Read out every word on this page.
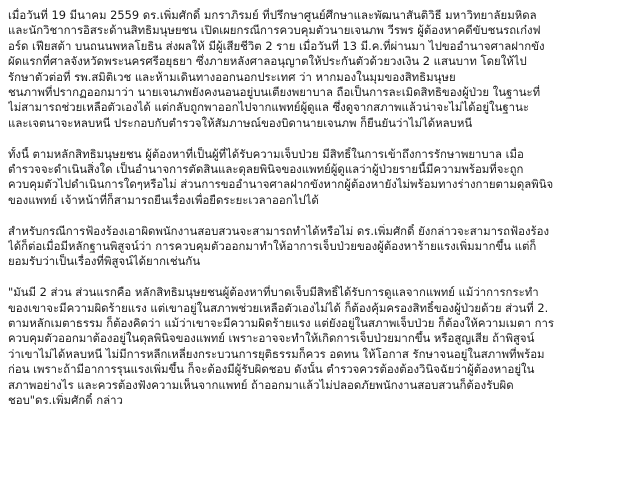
เมื่อวันที่ 19 มีนาคม 2559 ดร.เพิ่มศักดิ์ มกราภิรมย์ ที่ปรึกษาศูนย์ศึกษาและพัฒนาสันติวิธี มหาวิทยาลัยมหิดล
และนักวิชาการอิสระด้านสิทธิมนุษยชน เปิดเผยกรณีการควบคุมตัวนายเจนภพ วีรพร ผู้ต้องหาคดีขับชนรถเก๋งฟ
อร์ด เฟียสต้า บนถนนพหลโยธิน ส่งผลให้ มีผู้เสียชีวิต 2 ราย เมื่อวันที่ 13 มี.ค.ที่ผ่านมา ไปขออำนาจศาลฝากขัง
ผัดแรกที่ศาลจังหวัดพระนครศรีอยุธยา ซึ่งภายหลังศาลอนุญาตให้ประกันตัวด้วยวงเงิน 2 แสนบาท โดยให้ไป
รักษาตัวต่อที่ รพ.สมิติเวช และห้ามเดินทางออกนอกประเทศ ว่า หากมองในมุมของสิทธิมนุษย
ชนภาพที่ปรากฏออกมาว่า นายเจนภพยังคงนอนอยู่บนเตียงพยาบาล ถือเป็นการละเมิดสิทธิของผู้ป่วย ในฐานะที่
ไม่สามารถช่วยเหลือตัวเองได้ แต่กลับถูกพาออกไปจากแพทย์ผู้ดูแล ซึ่งดูจากสภาพแล้วน่าจะไม่ได้อยู่ในฐานะ
และเจตนาจะหลบหนี ประกอบกับตำรวจให้สัมภาษณ์ของบิดานายเจนภพ ก็ยืนยันว่าไม่ได้หลบหนี

ทั้งนี้ ตามหลักสิทธิมนุษยชน ผู้ต้องหาที่เป็นผู้ที่ได้รับความเจ็บป่วย มีสิทธิ์ในการเข้าถึงการรักษาพยาบาล เมื่อ
ตำรวจจะดำเนินสิ่งใด เป็นอำนาจการตัดสินและดุลยพินิจของแพทย์ผู้ดูแลว่าผู้ป่วยรายนี้มีความพร้อมที่จะถูก
ควบคุมตัวไปดำเนินการใดๆหรือไม่ ส่วนการขออำนาจศาลฝากขังหากผู้ต้องหายังไม่พร้อมทางร่างกายตามดุลพินิจ
ของแพทย์ เจ้าหน้าที่ก็สามารถยืนเรื่องเพื่อยืดระยะเวลาออกไปได้

สำหรับกรณีการฟ้องร้องเอาผิดพนักงานสอบสวนจะสามารถทำได้หรือไม่ ดร.เพิ่มศักดิ์ ยังกล่าวจะสามารถฟ้องร้อง
ได้ก็ต่อเมื่อมีหลักฐานพิสูจน์ว่า การควบคุมตัวออกมาทำให้อาการเจ็บป่วยของผู้ต้องหาร้ายแรงเพิ่มมากขึ้น แต่ก็
ยอมรับว่าเป็นเรื่องที่พิสูจน์ได้ยากเช่นกัน

"มันมี 2 ส่วน ส่วนแรกคือ หลักสิทธิมนุษยชนผู้ต้องหาที่บาดเจ็บมีสิทธิ์ได้รับการดูแลจากแพทย์ แม้ว่าการกระทำ
ของเขาจะมีความผิดร้ายแรง แต่เขาอยู่ในสภาพช่วยเหลือตัวเองไม่ได้ ก็ต้องคุ้มครองสิทธิ์ของผู้ป่วยด้วย ส่วนที่ 2.
ตามหลักเมตาธรรม ก็ต้องคิดว่า แม้ว่าเขาจะมีความผิดร้ายแรง แต่ยังอยู่ในสภาพเจ็บป่วย ก็ต้องให้ความเมตา การ
ควบคุมตัวออกมาต้องอยู่ในดุลพินิจของแพทย์ เพราะอาจจะทำให้เกิดการเจ็บป่วยมากขึ้น หรือสูญเสีย ถ้าพิสูจน์
ว่าเขาไม่ได้หลบหนี ไม่มีการหลีกเหลี่ยงกระบวนการยุติธรรมก็ควร อดทน ให้โอกาส รักษาจนอยู่ในสภาพที่พร้อม
ก่อน เพราะถ้ามีอาการรุนแรงเพิ่มขึ้น ก็จะต้องมีผู้รับผิดชอบ ดังนั้น ตำรวจควรต้องต้องวินิจฉัยว่าผู้ต้องหาอยู่ใน
สภาพอย่างไร และควรต้องฟังความเห็นจากแพทย์ ถ้าออกมาแล้วไม่ปลอดภัยพนักงานสอบสวนก็ต้องรับผิด
ชอบ"ดร.เพิ่มศักดิ์ กล่าว
